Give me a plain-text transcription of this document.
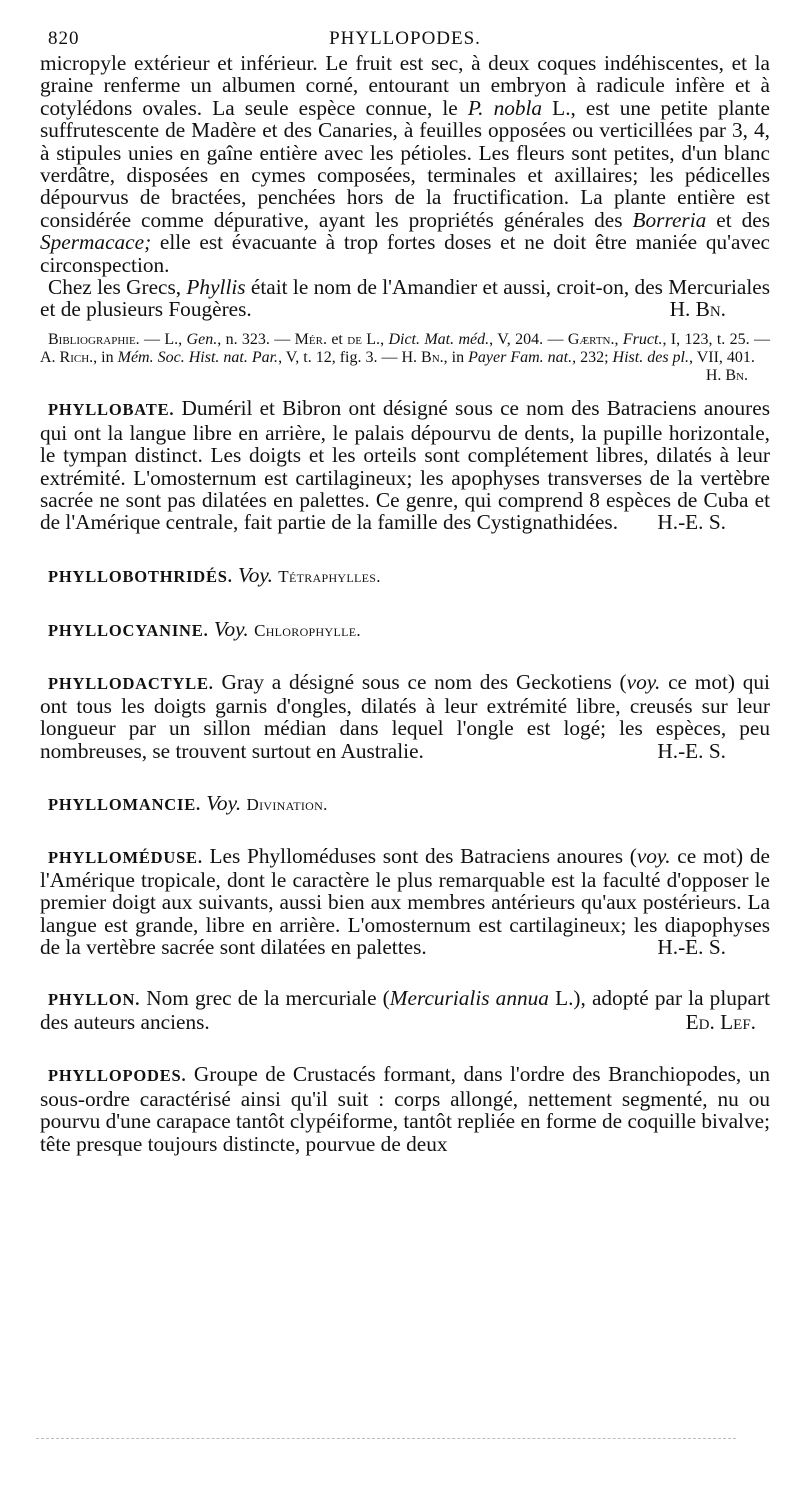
820	PHYLLOPODES.

micropyle extérieur et inférieur. Le fruit est sec, à deux coques indéhiscentes, et la graine renferme un albumen corné, entourant un embryon à radicule infère et à cotylédons ovales. La seule espèce connue, le P. nobla L., est une petite plante suffrutescente de Madère et des Canaries, à feuilles opposées ou verticillées par 3, 4, à stipules unies en gaîne entière avec les pétioles. Les fleurs sont petites, d'un blanc verdâtre, disposées en cymes composées, terminales et axillaires; les pédicelles dépourvus de bractées, penchées hors de la fructification. La plante entière est considérée comme dépurative, ayant les propriétés générales des Borreria et des Spermacace; elle est évacuante à trop fortes doses et ne doit être maniée qu'avec circonspection.

Chez les Grecs, Phyllis était le nom de l'Amandier et aussi, croit-on, des Mercuriales et de plusieurs Fougères.	H. Bn.

Bibliographie. — L., Gen., n. 323. — Mér. et de L., Dict. Mat. méd., V, 204. — Gærtn., Fruct., I, 123, t. 25. — A. Rich., in Mém. Soc. Hist. nat. Par., V, t. 12, fig. 3. — H. Bn., in Payer Fam. nat., 232; Hist. des pl., VII, 401.
H. Bn.

PHYLLOBATE. Duméril et Bibron ont désigné sous ce nom des Batraciens anoures qui ont la langue libre en arrière, le palais dépourvu de dents, la pupille horizontale, le tympan distinct. Les doigts et les orteils sont complétement libres, dilatés à leur extrémité. L'omosternum est cartilagineux; les apophyses transverses de la vertèbre sacrée ne sont pas dilatées en palettes. Ce genre, qui comprend 8 espèces de Cuba et de l'Amérique centrale, fait partie de la famille des Cystignathidées.	H.-E. S.

PHYLLOBOTHRIDÉS. Voy. Tétraphylles.

PHYLLOCYANINE. Voy. Chlorophylle.

PHYLLODACTYLE. Gray a désigné sous ce nom des Geckotiens (voy. ce mot) qui ont tous les doigts garnis d'ongles, dilatés à leur extrémité libre, creusés sur leur longueur par un sillon médian dans lequel l'ongle est logé; les espèces, peu nombreuses, se trouvent surtout en Australie.	H.-E. S.

PHYLLOMANCIE. Voy. Divination.

PHYLLOMÉDUSE. Les Phylloméduses sont des Batraciens anoures (voy. ce mot) de l'Amérique tropicale, dont le caractère le plus remarquable est la faculté d'opposer le premier doigt aux suivants, aussi bien aux membres antérieurs qu'aux postérieurs. La langue est grande, libre en arrière. L'omosternum est cartilagineux; les diapophyses de la vertèbre sacrée sont dilatées en palettes.	H.-E. S.

PHYLLON. Nom grec de la mercuriale (Mercurialis annua L.), adopté par la plupart des auteurs anciens.	Ed. Lef.

PHYLLOPODES. Groupe de Crustacés formant, dans l'ordre des Branchiopodes, un sous-ordre caractérisé ainsi qu'il suit : corps allongé, nettement segmenté, nu ou pourvu d'une carapace tantôt clypéiforme, tantôt repliée en forme de coquille bivalve; tête presque toujours distincte, pourvue de deux
